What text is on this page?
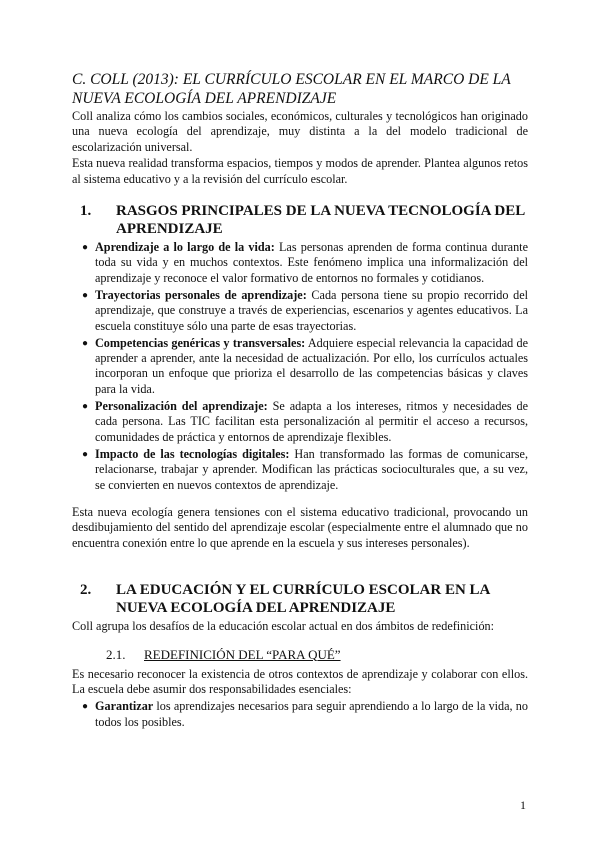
C. COLL (2013): EL CURRÍCULO ESCOLAR EN EL MARCO DE LA NUEVA ECOLOGÍA DEL APRENDIZAJE

Coll analiza cómo los cambios sociales, económicos, culturales y tecnológicos han originado una nueva ecología del aprendizaje, muy distinta a la del modelo tradicional de escolarización universal.

Esta nueva realidad transforma espacios, tiempos y modos de aprender. Plantea algunos retos al sistema educativo y a la revisión del currículo escolar.

1.	RASGOS PRINCIPALES DE LA NUEVA TECNOLOGÍA DEL APRENDIZAJE
● Aprendizaje a lo largo de la vida: Las personas aprenden de forma continua durante toda su vida y en muchos contextos. Este fenómeno implica una informalización del aprendizaje y reconoce el valor formativo de entornos no formales y cotidianos.
● Trayectorias personales de aprendizaje: Cada persona tiene su propio recorrido del aprendizaje, que construye a través de experiencias, escenarios y agentes educativos. La escuela constituye sólo una parte de esas trayectorias.
● Competencias genéricas y transversales: Adquiere especial relevancia la capacidad de aprender a aprender, ante la necesidad de actualización. Por ello, los currículos actuales incorporan un enfoque que prioriza el desarrollo de las competencias básicas y claves para la vida.
● Personalización del aprendizaje: Se adapta a los intereses, ritmos y necesidades de cada persona. Las TIC facilitan esta personalización al permitir el acceso a recursos, comunidades de práctica y entornos de aprendizaje flexibles.
● Impacto de las tecnologías digitales: Han transformado las formas de comunicarse, relacionarse, trabajar y aprender. Modifican las prácticas socioculturales que, a su vez, se convierten en nuevos contextos de aprendizaje.

Esta nueva ecología genera tensiones con el sistema educativo tradicional, provocando un desdibujamiento del sentido del aprendizaje escolar (especialmente entre el alumnado que no encuentra conexión entre lo que aprende en la escuela y sus intereses personales).

2.	LA EDUCACIÓN Y EL CURRÍCULO ESCOLAR EN LA NUEVA ECOLOGÍA DEL APRENDIZAJE

Coll agrupa los desafíos de la educación escolar actual en dos ámbitos de redefinición:

2.1.	REDEFINICIÓN DEL “PARA QUÉ”

Es necesario reconocer la existencia de otros contextos de aprendizaje y colaborar con ellos. La escuela debe asumir dos responsabilidades esenciales:

● Garantizar los aprendizajes necesarios para seguir aprendiendo a lo largo de la vida, no todos los posibles.
1
